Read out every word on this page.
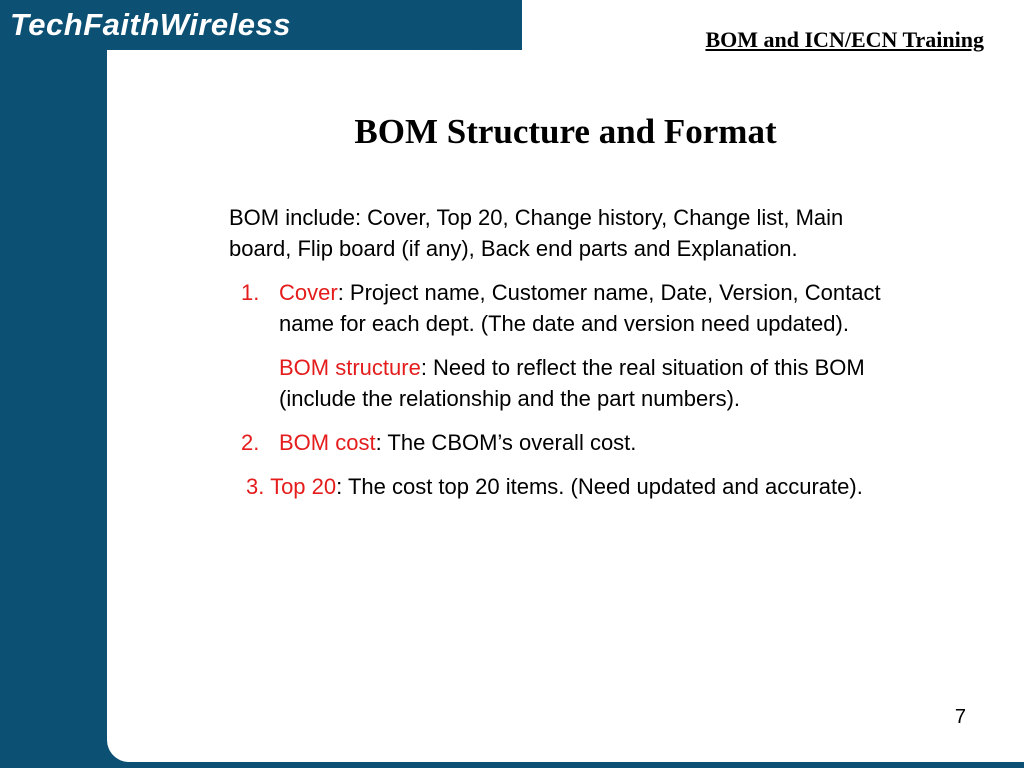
TechFaithWireless	BOM and ICN/ECN Training
BOM Structure and Format

BOM include: Cover, Top 20, Change history, Change list, Main board, Flip board (if any), Back end parts and Explanation.

1. Cover: Project name, Customer name, Date, Version, Contact name for each dept. (The date and version need updated).
BOM structure: Need to reflect the real situation of this BOM (include the relationship and the part numbers).
2. BOM cost: The CBOM’s overall cost.
3. Top 20: The cost top 20 items. (Need updated and accurate).
7
